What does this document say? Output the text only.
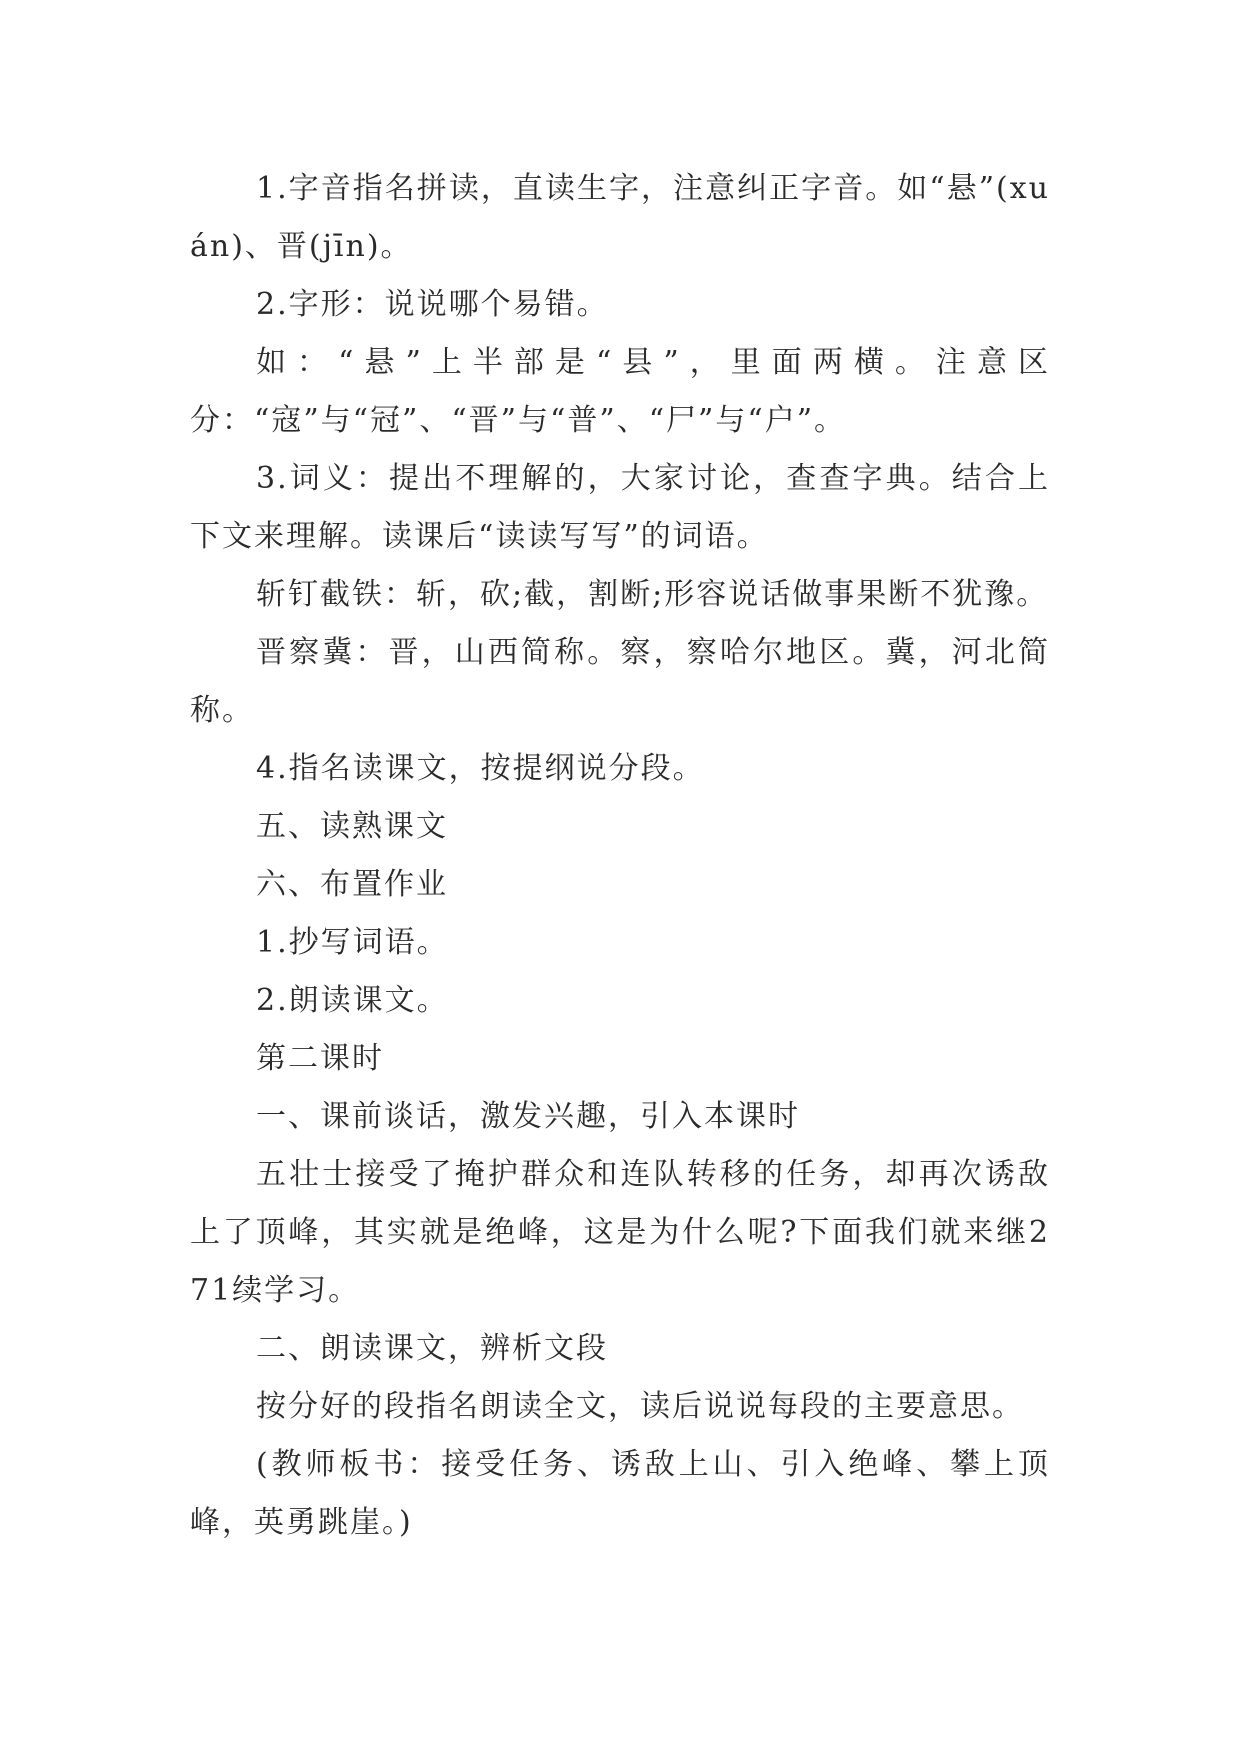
1.字音指名拼读，直读生字，注意纠正字音。如“悬”(xuán)、晋(jīn)。

2.字形：说说哪个易错。

如：“悬”上半部是“县”，里面两横。注意区分：“寇”与“冠”、“晋”与“普”、“尸”与“户”。

3.词义：提出不理解的，大家讨论，查查字典。结合上下文来理解。读课后“读读写写”的词语。

斩钉截铁：斩，砍;截，割断;形容说话做事果断不犹豫。

晋察冀：晋，山西简称。察，察哈尔地区。冀，河北简称。

4.指名读课文，按提纲说分段。

五、读熟课文

六、布置作业

1.抄写词语。

2.朗读课文。

第二课时

一、课前谈话，激发兴趣，引入本课时

五壮士接受了掩护群众和连队转移的任务，却再次诱敌上了顶峰，其实就是绝峰，这是为什么呢?下面我们就来继271续学习。

二、朗读课文，辨析文段

按分好的段指名朗读全文，读后说说每段的主要意思。

(教师板书：接受任务、诱敌上山、引入绝峰、攀上顶峰，英勇跳崖。)
